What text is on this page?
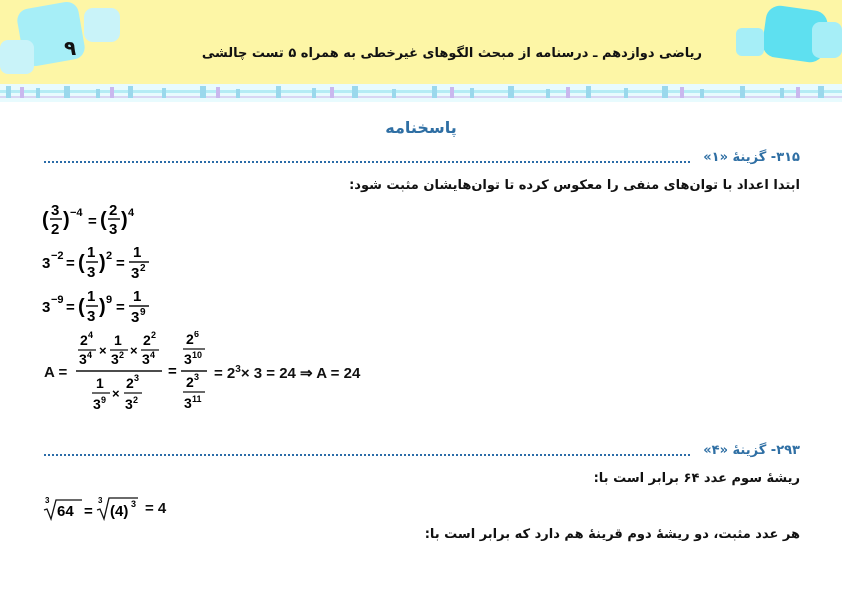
۹	ریاضی دوازدهم ـ درسنامه از مبحث الگوهای غیرخطی به همراه ۵ تست چالشی
پاسخنامه
۳۱۵- گزینهٔ «۱»
ابتدا اعداد با توان‌های منفی را معکوس کرده تا توان‌هایشان مثبت شود:
( 3
2 ) −4 = ( 2
3 ) 4
3 −2 = ( 1
3 ) 2 =
1
3 2
3 −9 = ( 1
3 ) 9 =
1
3 9
A =
2 4
3 4 ×
1
3 2 ×
2 2
3 4
1
3 9 ×
2 3
3 2
=
2 6
3 10
2 3
3 11
= $2^3\times 3 = 24$ ⇒ A = 24
۲۹۳- گزینهٔ «۴»
ریشهٔ سوم عدد ۶۴ برابر است با:
3
64 =
3
(4) 3 = 4
هر عدد مثبت، دو ریشهٔ دوم قرینهٔ هم دارد که برابر است با:
